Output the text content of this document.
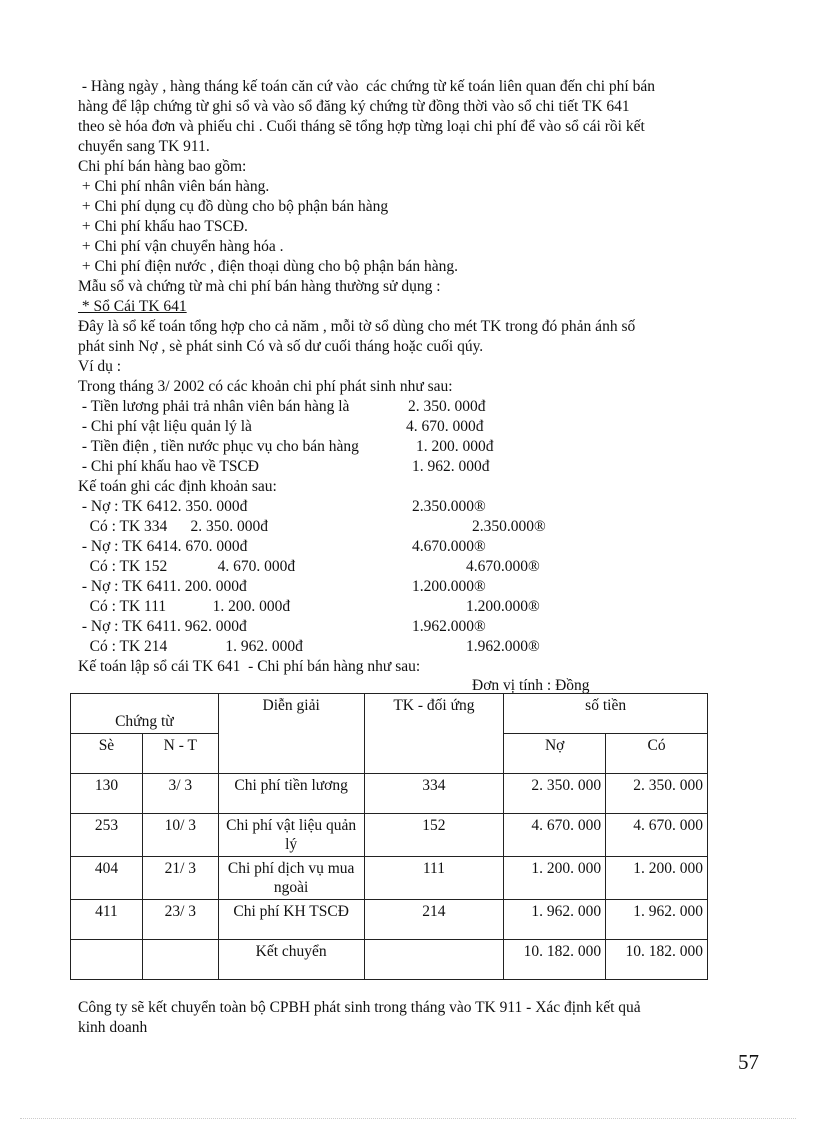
- Hàng ngày , hàng tháng kế toán căn cứ vào  các chứng từ kế toán liên quan đến chi phí bán
hàng để lập chứng từ ghi sổ và vào sổ đăng ký chứng từ đồng thời vào sổ chi tiết TK 641
theo sè hóa đơn và phiếu chi . Cuối tháng sẽ tổng hợp từng loại chi phí để vào sổ cái rồi kết
chuyển sang TK 911.
Chi phí bán hàng bao gồm:
+ Chi phí nhân viên bán hàng.
+ Chi phí dụng cụ đồ dùng cho bộ phận bán hàng
+ Chi phí khấu hao TSCĐ.
+ Chi phí vận chuyển hàng hóa .
+ Chi phí điện nước , điện thoại dùng cho bộ phận bán hàng.
Mẫu sổ và chứng từ mà chi phí bán hàng thường sử dụng :
* Sổ Cái TK 641
Đây là sổ kế toán tổng hợp cho cả năm , mỗi tờ sổ dùng cho mét TK trong đó phản ánh số
phát sinh Nợ , sè phát sinh Có và số dư cuối tháng hoặc cuối qúy.
Ví dụ :
Trong tháng 3/ 2002 có các khoản chi phí phát sinh như sau:
- Tiền lương phải trả nhân viên bán hàng là	2. 350. 000đ
- Chi phí vật liệu quản lý là	4. 670. 000đ
- Tiền điện , tiền nước phục vụ cho bán hàng	1. 200. 000đ
- Chi phí khấu hao về TSCĐ	1. 962. 000đ
Kế toán ghi các định khoản sau:
- Nợ : TK 6412. 350. 000đ	2.350.000®
Có : TK 334      2. 350. 000đ	2.350.000®
- Nợ : TK 6414. 670. 000đ	4.670.000®
Có : TK 152             4. 670. 000đ	4.670.000®
- Nợ : TK 6411. 200. 000đ	1.200.000®
Có : TK 111            1. 200. 000đ	1.200.000®
- Nợ : TK 6411. 962. 000đ	1.962.000®
Có : TK 214               1. 962. 000đ	1.962.000®
Kế toán lập sổ cái TK 641  - Chi phí bán hàng như sau:
Đơn vị tính : Đồng
Chứng từ		Diễn giải	TK - đối ứng	số tiền	
Sè	N - T			Nợ	Có
130	3/ 3	Chi phí tiền lương	334	2. 350. 000	2. 350. 000
253	10/ 3	Chi phí vật liệu quản lý	152	4. 670. 000	4. 670. 000
404	21/ 3	Chi phí dịch vụ mua ngoài	111	1. 200. 000	1. 200. 000
411	23/ 3	Chi phí KH TSCĐ	214	1. 962. 000	1. 962. 000
		Kết chuyển		10. 182. 000	10. 182. 000
Công ty sẽ kết chuyển toàn bộ CPBH phát sinh trong tháng vào TK 911 - Xác định kết quả
kinh doanh
57
